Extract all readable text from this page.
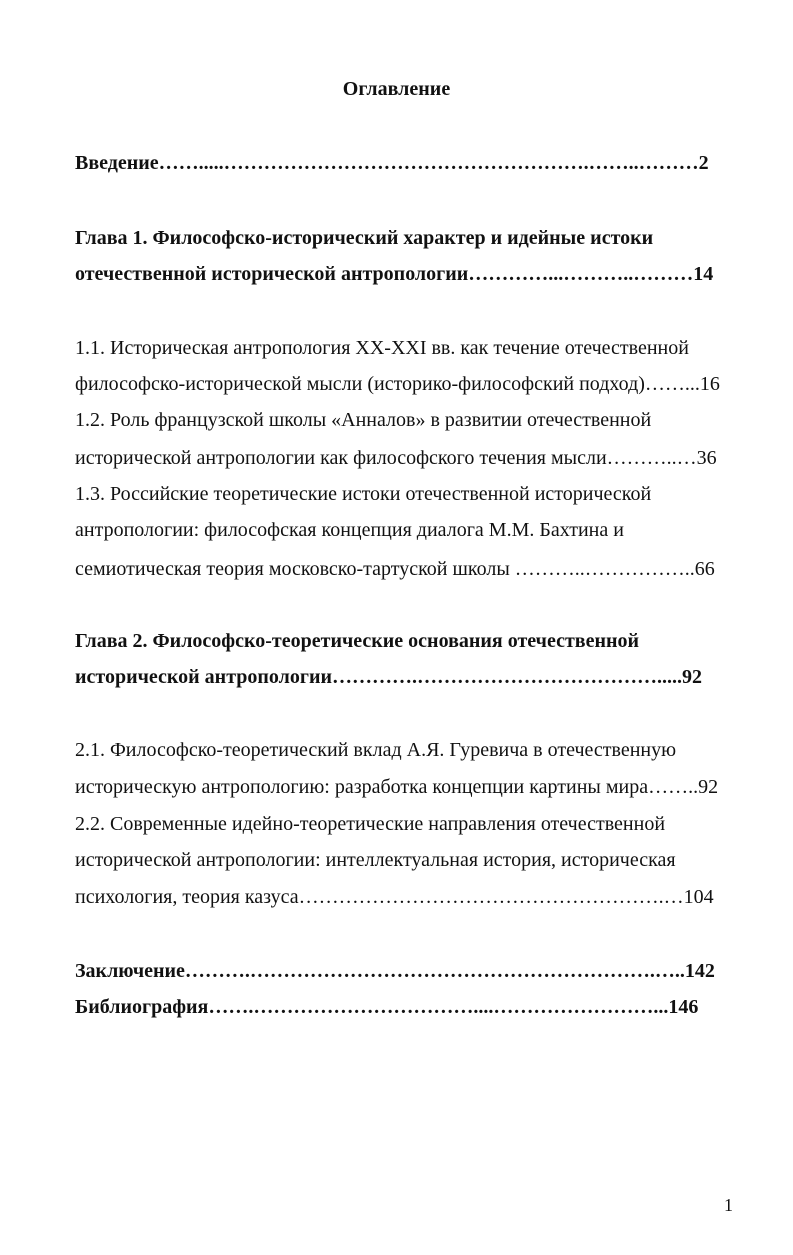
Оглавление
Введение…….....……………………………………………….……..………2
Глава 1. Философско-исторический характер и идейные истоки
отечественной исторической антропологии…………...………..………14
1.1. Историческая антропология XX-XXI вв. как течение отечественной
философско-исторической мысли (историко-философский подход)……...16
1.2. Роль французской школы «Анналов» в развитии отечественной
исторической антропологии как философского течения мысли………..…36
1.3. Российские теоретические истоки отечественной исторической
антропологии: философская концепция диалога М.М. Бахтина и
семиотическая теория московско-тартуской школы ………..……………..66
Глава 2. Философско-теоретические основания отечественной
исторической антропологии………….……………………………….....92
2.1. Философско-теоретический вклад А.Я. Гуревича в отечественную
историческую антропологию: разработка концепции картины мира……..92
2.2. Современные идейно-теоретические направления отечественной
исторической антропологии: интеллектуальная история, историческая
психология, теория казуса……………………………………………….…104
Заключение……….…………………………………………………….…..142
Библиография…….……………………………....……………………...146
1
